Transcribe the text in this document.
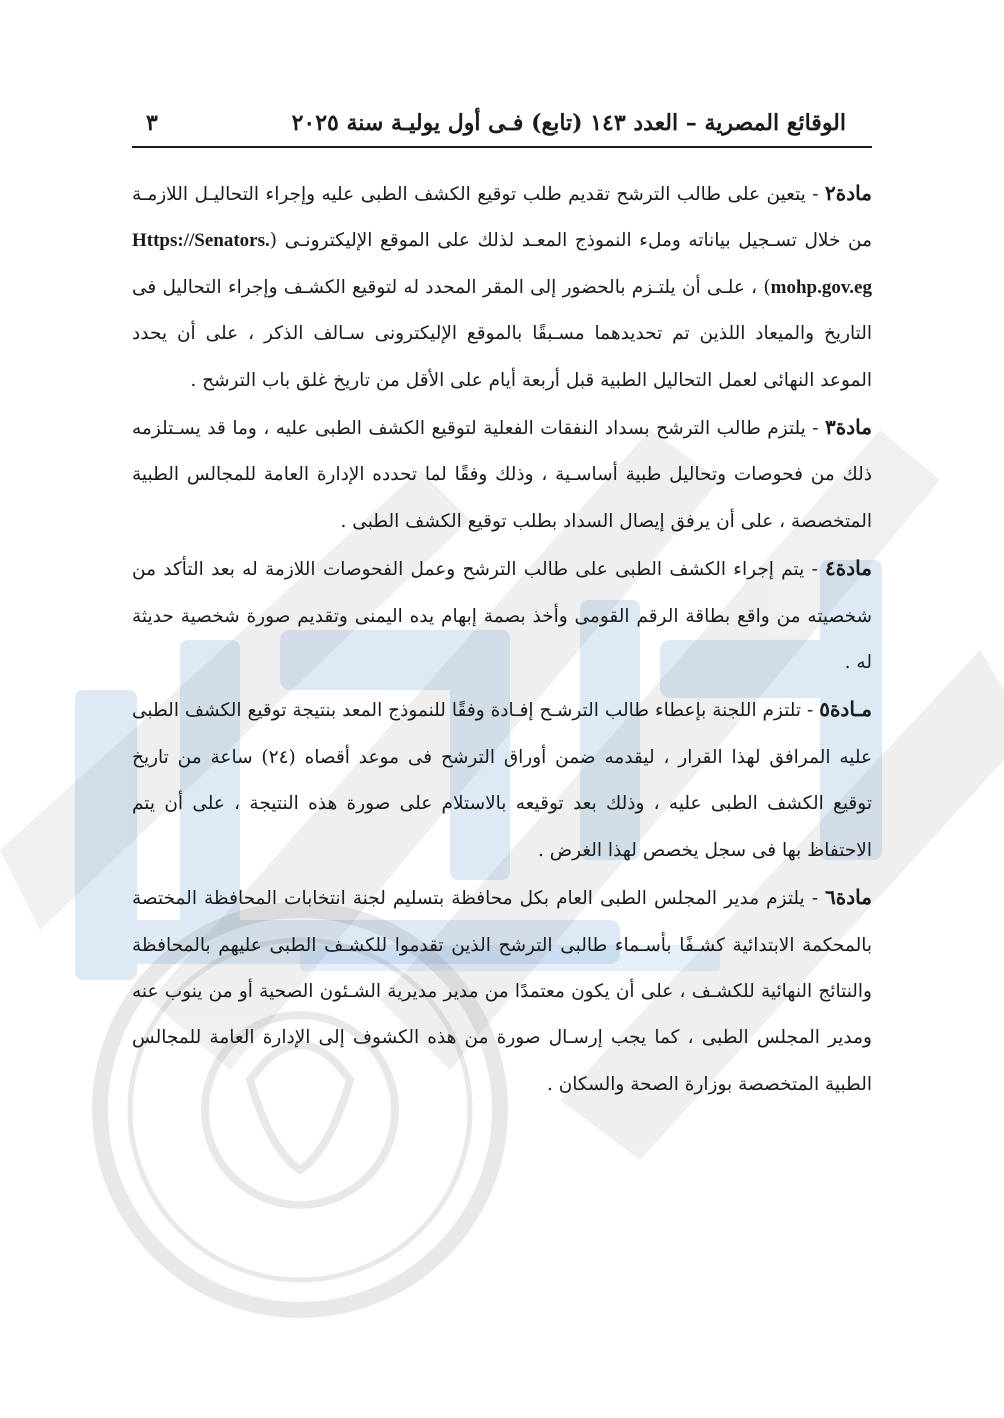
الوقائع المصرية – العدد ١٤٣ (تابع) فـى أول يوليـة سنة ٢٠٢٥
٣

مادة٢ - يتعين على طالب الترشح تقديم طلب توقيع الكشف الطبى عليه وإجراء التحاليـل اللازمـة من خلال تسـجيل بياناته وملء النموذج المعـد لذلك على الموقع الإليكترونـى (Https://Senators. mohp.gov.eg) ، علـى أن يلتـزم بالحضور إلى المقر المحدد له لتوقيع الكشـف وإجراء التحاليل فى التاريخ والميعاد اللذين تم تحديدهما مسـبقًا بالموقع الإليكترونى سـالف الذكر ، على أن يحدد الموعد النهائى لعمل التحاليل الطبية قبل أربعة أيام على الأقل من تاريخ غلق باب الترشح .

مادة٣ - يلتزم طالب الترشح بسداد النفقات الفعلية لتوقيع الكشف الطبى عليه ، وما قد يسـتلزمه ذلك من فحوصات وتحاليل طبية أساسـية ، وذلك وفقًا لما تحدده الإدارة العامة للمجالس الطبية المتخصصة ، على أن يرفق إيصال السداد بطلب توقيع الكشف الطبى .

مادة٤ - يتم إجراء الكشف الطبى على طالب الترشح وعمل الفحوصات اللازمة له بعد التأكد من شخصيته من واقع بطاقة الرقم القومى وأخذ بصمة إبهام يده اليمنى وتقديم صورة شخصية حديثة له .

مـادة٥ - تلتزم اللجنة بإعطاء طالب الترشـح إفـادة وفقًا للنموذج المعد بنتيجة توقيع الكشف الطبى عليه المرافق لهذا القرار ، ليقدمه ضمن أوراق الترشح فى موعد أقصاه (٢٤) ساعة من تاريخ توقيع الكشف الطبى عليه ، وذلك بعد توقيعه بالاستلام على صورة هذه النتيجة ، على أن يتم الاحتفاظ بها فى سجل يخصص لهذا الغرض .

مادة٦ - يلتزم مدير المجلس الطبى العام بكل محافظة بتسليم لجنة انتخابات المحافظة المختصة بالمحكمة الابتدائية كشـفًا بأسـماء طالبى الترشح الذين تقدموا للكشـف الطبى عليهم بالمحافظة والنتائج النهائية للكشـف ، على أن يكون معتمدًا من مدير مديرية الشـئون الصحية أو من ينوب عنه ومدير المجلس الطبى ، كما يجب إرسـال صورة من هذه الكشوف إلى الإدارة العامة للمجالس الطبية المتخصصة بوزارة الصحة والسكان .
